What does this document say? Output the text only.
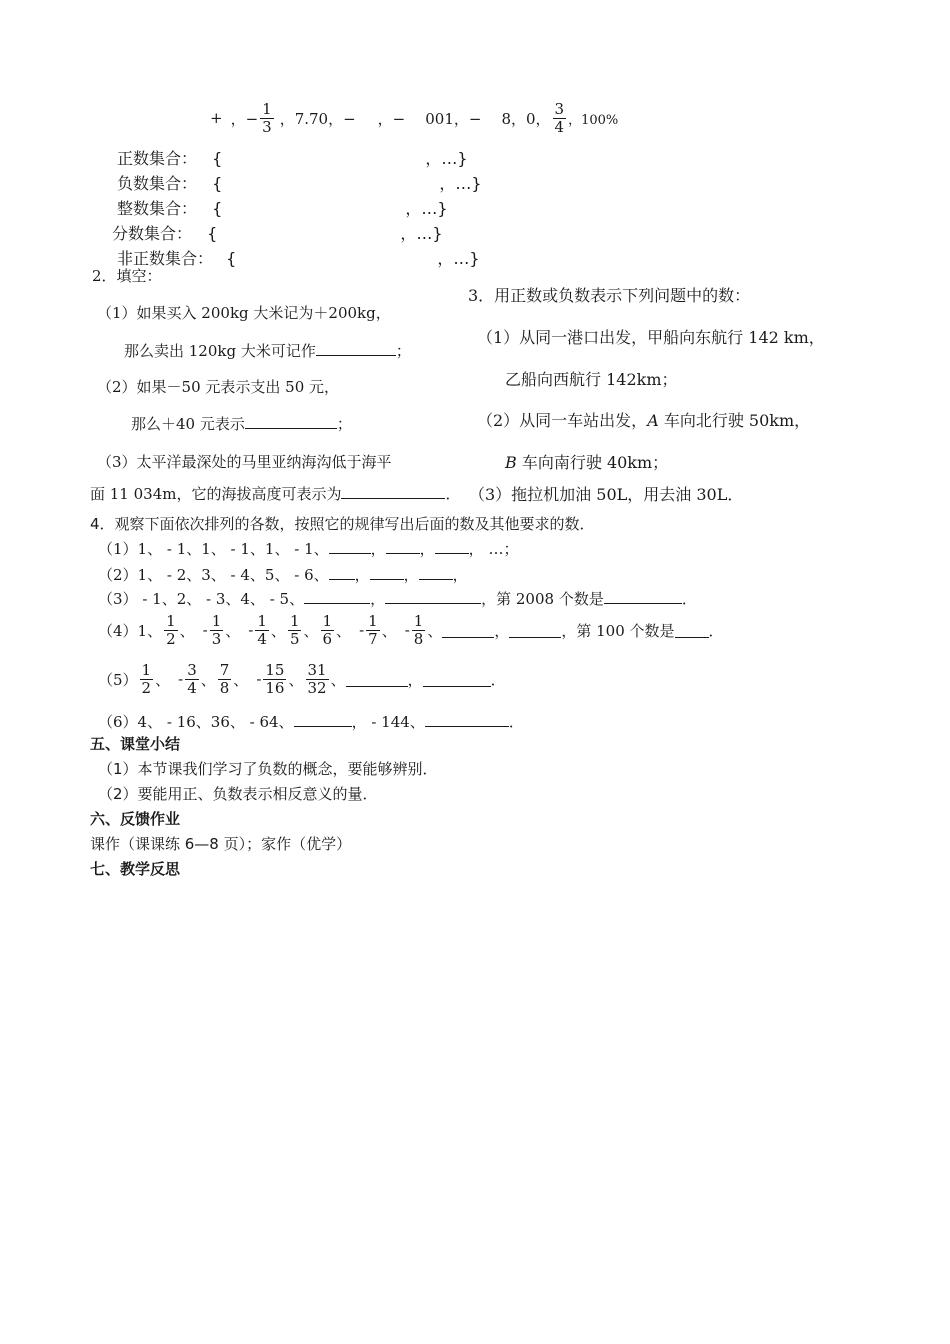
+ ，− $\frac{1}{3}$ ，7.70，− ，− 001，− 8，0， $\frac{3}{4}$ ，100%
正数集合： {	，…}
负数集合： {	，…}
整数集合： {	，…}
分数集合： {	，…}
非正数集合： {	，…}
2．填空：
（1）如果买入 200kg 大米记为＋200kg，
那么卖出 120kg 大米可记作	；
（2）如果－50 元表示支出 50 元，
那么＋40 元表示	；
（3）太平洋最深处的马里亚纳海沟低于海平
面 11 034m，它的海拔高度可表示为	．
3．用正数或负数表示下列问题中的数：
（1）从同一港口出发，甲船向东航行 142 km，
乙船向西航行 142km；
（2）从同一车站出发，A 车向北行驶 50km，
B 车向南行驶 40km；
（3）拖拉机加油 50L，用去油 30L．
4．观察下面依次排列的各数，按照它的规律写出后面的数及其他要求的数．
（1）1、 - 1、1、 - 1、1、 - 1、	， ， ， …；
（2）1、 - 2、3、 - 4、5、 - 6、 ， ， ，
（3） - 1、2、 - 3、4、 - 5、	，	，第 2008 个数是	．
（4） 1、 $\frac{1}{2}$ 、 - $\frac{1}{3}$ 、 - $\frac{1}{4}$ 、 $\frac{1}{5}$ 、 $\frac{1}{6}$ 、 - $\frac{1}{7}$ 、 - $\frac{1}{8}$ 、	，	，第 100 个数是 ．
$(5) \frac{1}{2}$ 、 - $\frac{3}{4}$ 、 $\frac{7}{8}$ 、 - $\frac{15}{16}$ 、 $\frac{31}{32}$ 、	，	．
（6）4、 - 16、36、 - 64、	， - 144、	．
五、课堂小结
（1）本节课我们学习了负数的概念，要能够辨别．
（2）要能用正、负数表示相反意义的量．
六、反馈作业
课作（课课练 6—8 页）；家作（优学）
七、教学反思
